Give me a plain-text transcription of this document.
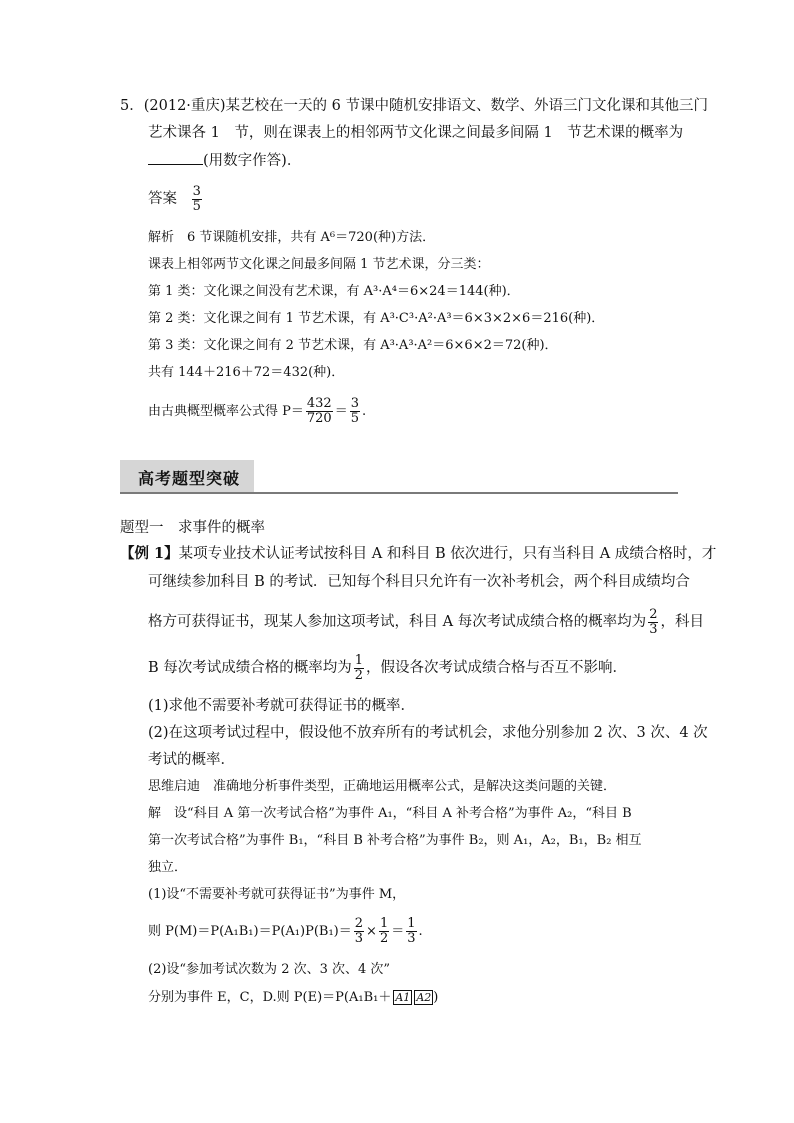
5．(2012·重庆)某艺校在一天的 6 节课中随机安排语文、数学、外语三门文化课和其他三门
艺术课各 1　节，则在课表上的相邻两节文化课之间最多间隔 1　节艺术课的概率为
(用数字作答)．
答案 $\frac{3}{5}$
解析　6 节课随机安排，共有 A⁶＝720(种)方法．
课表上相邻两节文化课之间最多间隔 1 节艺术课，分三类：
第 1 类：文化课之间没有艺术课，有 A³·A⁴＝6×24＝144(种)．
第 2 类：文化课之间有 1 节艺术课，有 A³·C³·A²·A³＝6×3×2×6＝216(种)．
第 3 类：文化课之间有 2 节艺术课，有 A³·A³·A²＝6×6×2＝72(种)．
共有 144＋216＋72＝432(种)．
由古典概型概率公式得 $P= \frac{432}{720} = \frac{3}{5}$ .
高考题型突破
题型一　求事件的概率
【例 1】某项专业技术认证考试按科目 A 和科目 B 依次进行，只有当科目 A 成绩合格时，才
可继续参加科目 B 的考试．已知每个科目只允许有一次补考机会，两个科目成绩均合
格方可获得证书，现某人参加这项考试，科目 A 每次考试成绩合格的概率均为 $\frac{2}{3}$ ，科目
B 每次考试成绩合格的概率均为 $\frac{1}{2}$ ，假设各次考试成绩合格与否互不影响．
(1)求他不需要补考就可获得证书的概率．
(2)在这项考试过程中，假设他不放弃所有的考试机会，求他分别参加 2 次、3 次、4 次
考试的概率．
思维启迪　准确地分析事件类型，正确地运用概率公式，是解决这类问题的关键．
解　设“科目 A 第一次考试合格”为事件 A₁，“科目 A 补考合格”为事件 A₂，“科目 B
第一次考试合格”为事件 B₁，“科目 B 补考合格”为事件 B₂，则 A₁，A₂，B₁，B₂ 相互
独立．
(1)设“不需要补考就可获得证书”为事件 M，
则 $P(M)=P(A_1B_1)=P(A_1)P(B_1)= \frac{2}{3} \times \frac{1}{2} = \frac{1}{3}$ .
(2)设“参加考试次数为 2 次、3 次、4 次”
分别为事件 E，C，D.则 P(E)＝P(A₁B₁＋ A1 A2 )
